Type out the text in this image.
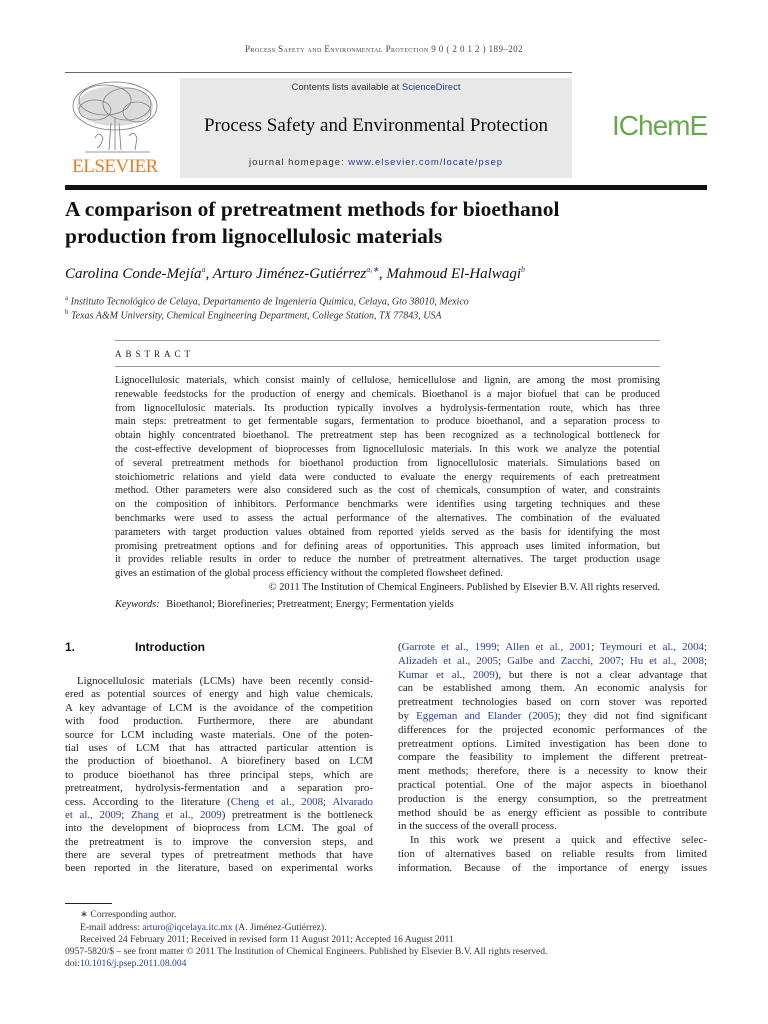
Process Safety and Environmental Protection 9 0 ( 2 0 1 2 ) 189–202
ELSEVIER
Contents lists available at ScienceDirect
Process Safety and Environmental Protection
journal homepage: www.elsevier.com/locate/psep
IChemE
A comparison of pretreatment methods for bioethanol
production from lignocellulosic materials
Carolina Conde-Mejía$^a$, Arturo Jiménez-Gutiérrez$^{a,∗}$, Mahmoud El-Halwagi$^b$
$^a$ Instituto Tecnológico de Celaya, Departamento de Ingeniería Química, Celaya, Gto 38010, Mexico
$^b$ Texas A&M University, Chemical Engineering Department, College Station, TX 77843, USA
ABSTRACT
Lignocellulosic materials, which consist mainly of cellulose, hemicellulose and lignin, are among the most promising
renewable feedstocks for the production of energy and chemicals. Bioethanol is a major biofuel that can be produced
from lignocellulosic materials. Its production typically involves a hydrolysis-fermentation route, which has three
main steps: pretreatment to get fermentable sugars, fermentation to produce bioethanol, and a separation process to
obtain highly concentrated bioethanol. The pretreatment step has been recognized as a technological bottleneck for
the cost-effective development of bioprocesses from lignocellulosic materials. In this work we analyze the potential
of several pretreatment methods for bioethanol production from lignocellulosic materials. Simulations based on
stoichiometric relations and yield data were conducted to evaluate the energy requirements of each pretreatment
method. Other parameters were also considered such as the cost of chemicals, consumption of water, and constraints
on the composition of inhibitors. Performance benchmarks were identifies using targeting techniques and these
benchmarks were used to assess the actual performance of the alternatives. The combination of the evaluated
parameters with target production values obtained from reported yields served as the basis for identifying the most
promising pretreatment options and for defining areas of opportunities. This approach uses limited information, but
it provides reliable results in order to reduce the number of pretreatment alternatives. The target production usage
gives an estimation of the global process efficiency without the completed flowsheet defined.
© 2011 The Institution of Chemical Engineers. Published by Elsevier B.V. All rights reserved.
Keywords: Bioethanol; Biorefineries; Pretreatment; Energy; Fermentation yields
1.	Introduction
Lignocellulosic materials (LCMs) have been recently consid-
ered as potential sources of energy and high value chemicals.
A key advantage of LCM is the avoidance of the competition
with food production. Furthermore, there are abundant
source for LCM including waste materials. One of the poten-
tial uses of LCM that has attracted particular attention is
the production of bioethanol. A biorefinery based on LCM
to produce bioethanol has three principal steps, which are
pretreatment, hydrolysis-fermentation and a separation pro-
cess. According to the literature (Cheng et al., 2008; Alvarado
et al., 2009; Zhang et al., 2009) pretreatment is the bottleneck
into the development of bioprocess from LCM. The goal of
the pretreatment is to improve the conversion steps, and
there are several types of pretreatment methods that have
been reported in the literature, based on experimental works
(Garrote et al., 1999; Allen et al., 2001; Teymouri et al., 2004;
Alizadeh et al., 2005; Galbe and Zacchi, 2007; Hu et al., 2008;
Kumar et al., 2009), but there is not a clear advantage that
can be established among them. An economic analysis for
pretreatment technologies based on corn stover was reported
by Eggeman and Elander (2005); they did not find significant
differences for the projected economic performances of the
pretreatment options. Limited investigation has been done to
compare the feasibility to implement the different pretreat-
ment methods; therefore, there is a necessity to know their
practical potential. One of the major aspects in bioethanol
production is the energy consumption, so the pretreatment
method should be as energy efficient as possible to contribute
in the success of the overall process.
In this work we present a quick and effective selec-
tion of alternatives based on reliable results from limited
information. Because of the importance of energy issues
∗ Corresponding author.
E-mail address: arturo@iqcelaya.itc.mx (A. Jiménez-Gutiérrez).
Received 24 February 2011; Received in revised form 11 August 2011; Accepted 16 August 2011
0957-5820/$ – see front matter © 2011 The Institution of Chemical Engineers. Published by Elsevier B.V. All rights reserved.
doi:10.1016/j.psep.2011.08.004
